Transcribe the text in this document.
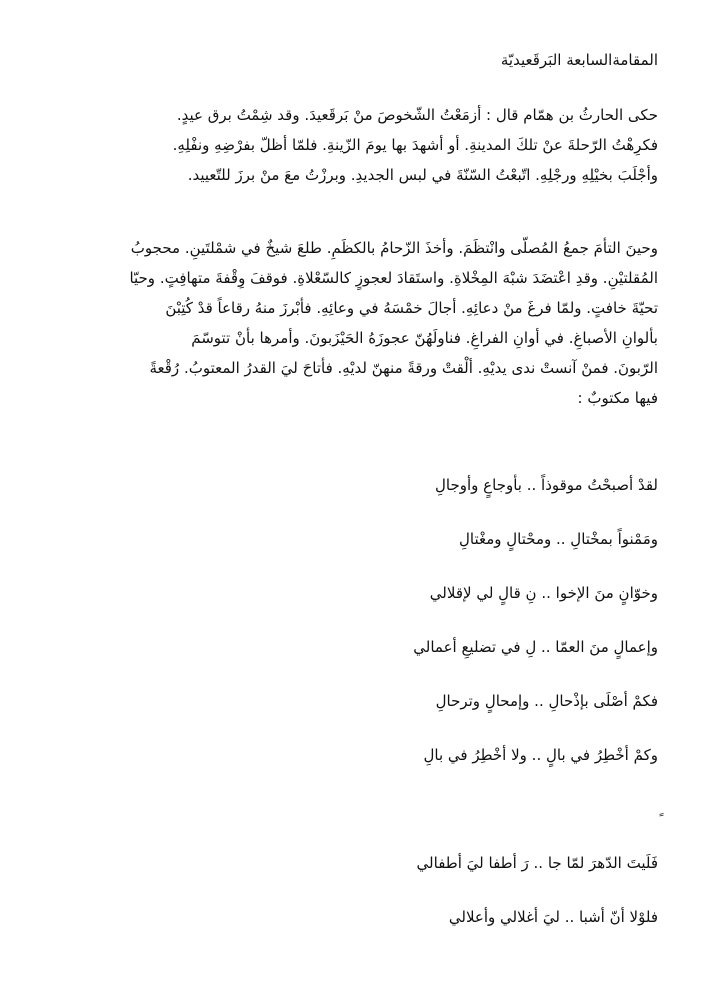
المقامةالسابعة البَرقَعيديّة

حكى الحارثُ بن همّام قال : أزمَعْتُ الشّخوصَ منْ بَرقَعيدَ. وقد شِمْتُ برق عيدٍ.
فكرِهْتُ الرّحلةَ عنْ تلكَ المدينةِ. أو أشهدَ بها يومَ الزّينةِ. فلمّا أظلّ بفرْضِهِ ونفْلِهِ.
وأجْلَبَ بخيْلِهِ ورجْلِهِ. اتّبعْتُ السّنّةَ في لبس الجديدِ. وبرزْتُ معَ منْ برزَ للتّعييد.

وحينَ التأمَ جمعُ المُصلّى وانْتظَمَ. وأخذَ الزّحامُ بالكظَمِ. طلعَ شيخٌ في شمْلتَينِ. محجوبُ
المُقلتيْنِ. وقدِ اعْتضَدَ شبْهَ المِخْلاةِ. واستَقادَ لعجوزٍ كالسّعْلاةِ. فوقفَ وِقْفةَ متهافِتٍ. وحيّا
تحيّةَ خافتٍ. ولمّا فرغَ منْ دعائِهِ. أجالَ خمْسَهُ في وعائِهِ. فأبْرزَ منهُ رقاعاً قدْ كُتِبْنَ
بألوانِ الأصباغِ. في أوانِ الفراغِ. فناولَهُنّ عجوزَهُ الحَيْزَبونَ. وأمرها بأنْ تتوسّمَ
الرّبونَ. فمنْ آنستْ ندى يديْهِ. ألْقتْ ورقةً منهنّ لديْهِ. فأتاحَ ليَ القدرُ المعتوبُ. رُقْعةً
فيها مكتوبٌ :

لقدْ أصبحْتُ موقوذاً .. بأوجاعٍ وأوجالِ
ومَمْنواً بمخْتالِ .. ومحْتالٍ ومغْتالِ
وخوّانٍ منَ الإخوا .. نِ قالٍ لي لإقلالي
وإعمالٍ منَ العمّا .. لِ في تضليعِ أعمالي
فكمْ أصْلَى بإذْحالِ .. وإمحالٍ وترحالِ
وكمْ أخْطِرُ في بالٍ .. ولا أخْطِرُ في بالِ
فَلَيتَ الدّهرَ لمّا جا .. رَ أطفا ليَ أطفالي
فلوْلا أنّ أشبا .. ليَ أغلالي وأعلالي
